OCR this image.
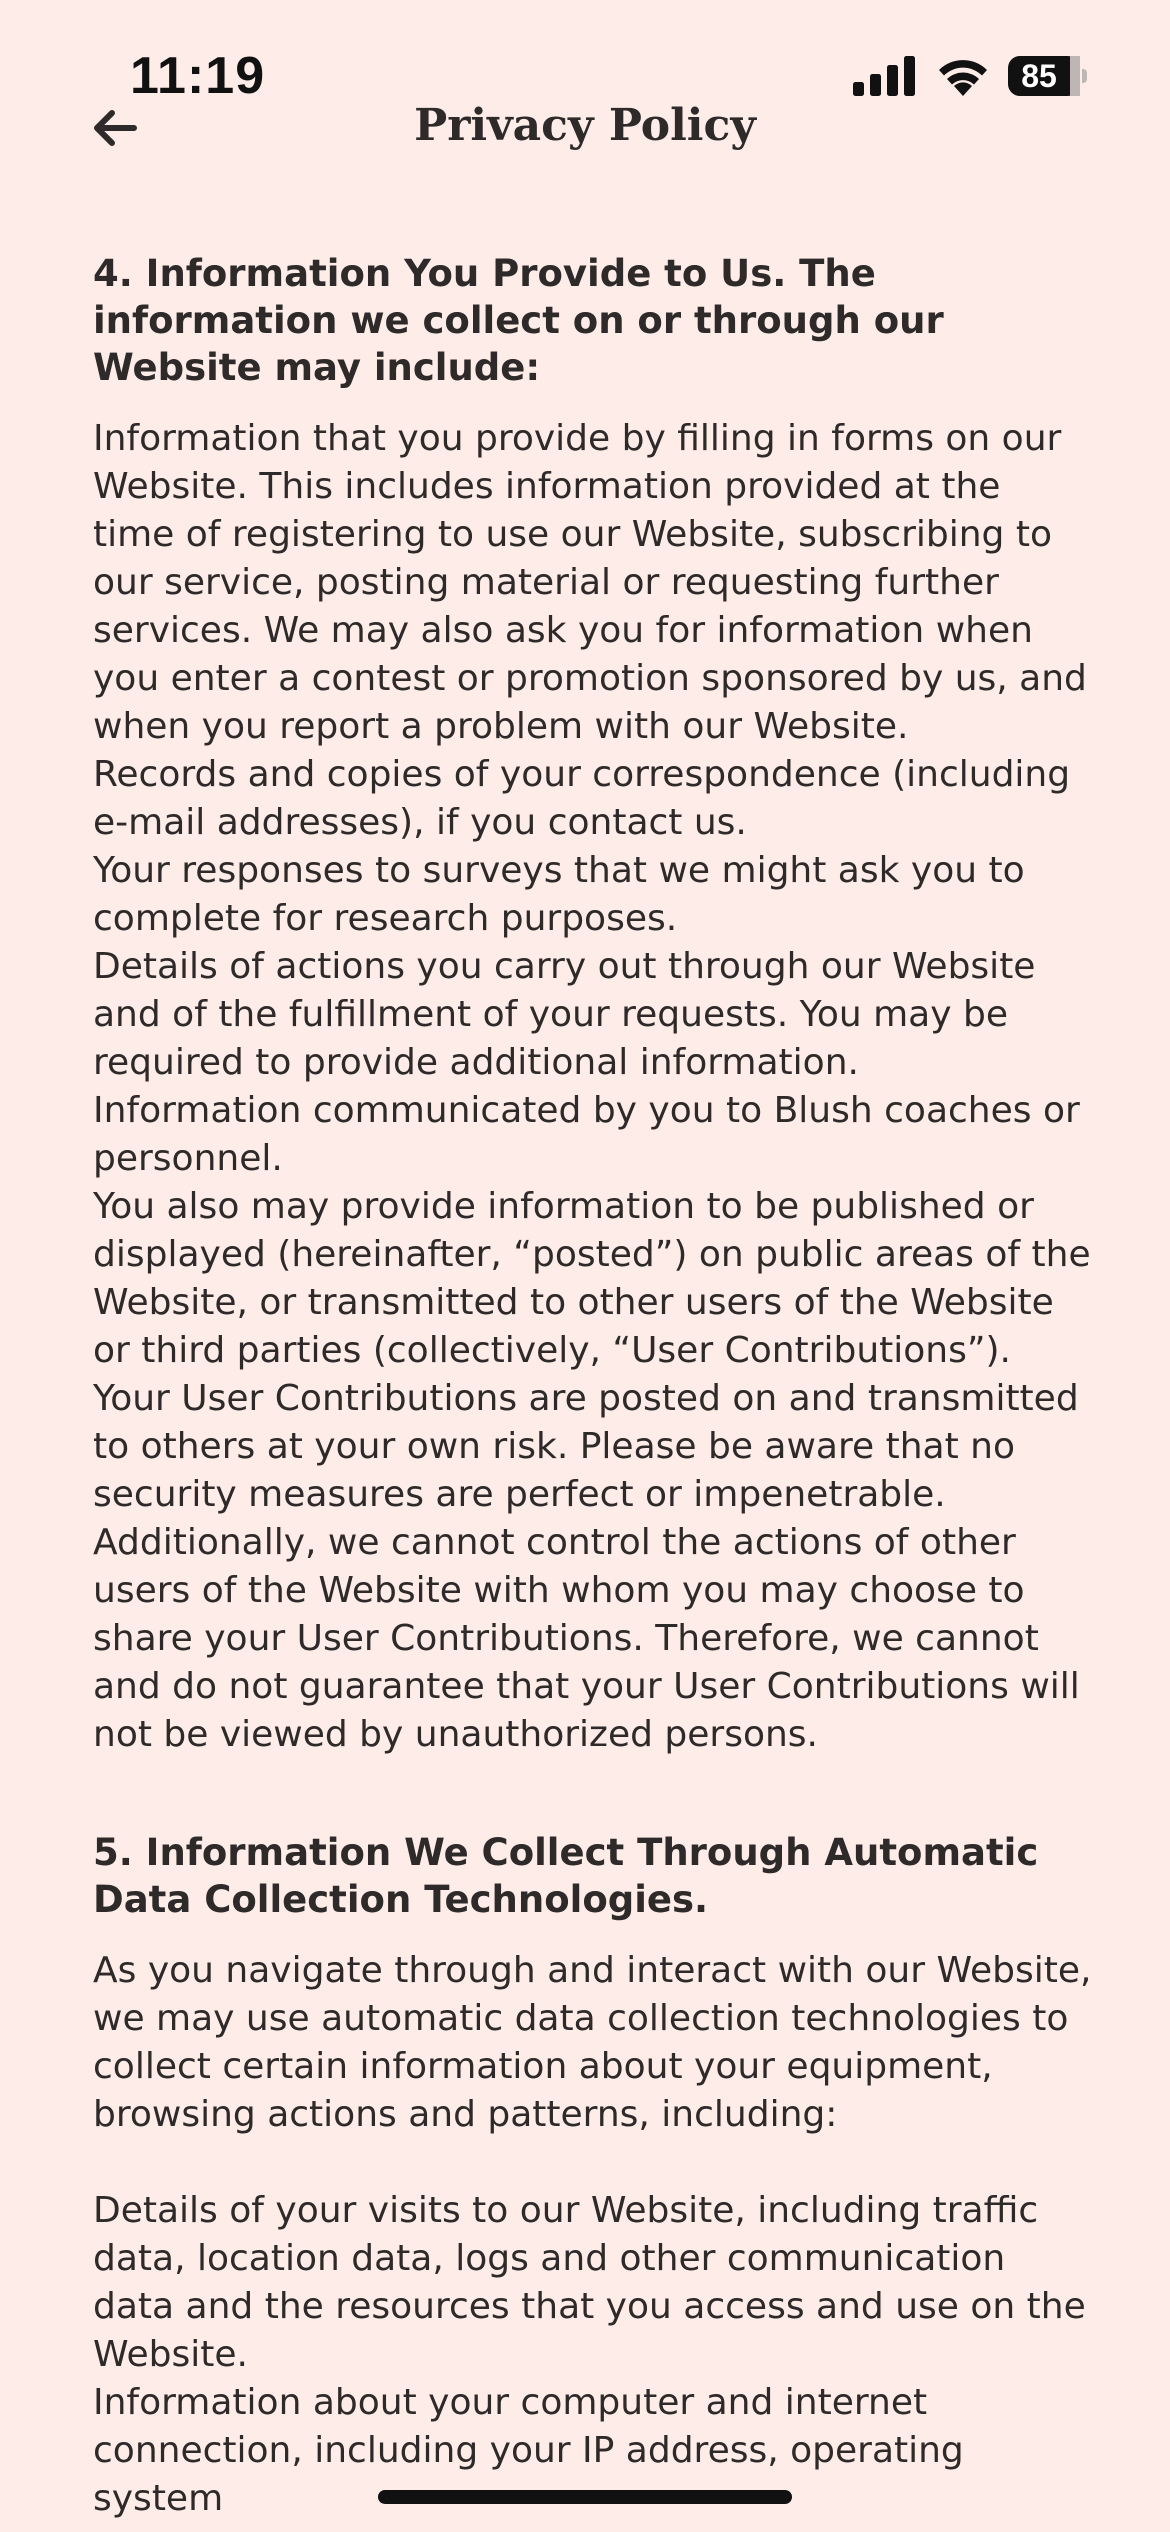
11:19	85
Privacy Policy
4. Information You Provide to Us. The information we collect on or through our Website may include:

Information that you provide by filling in forms on our Website. This includes information provided at the time of registering to use our Website, subscribing to our service, posting material or requesting further services. We may also ask you for information when you enter a contest or promotion sponsored by us, and when you report a problem with our Website.

Records and copies of your correspondence (including e-mail addresses), if you contact us.

Your responses to surveys that we might ask you to complete for research purposes.

Details of actions you carry out through our Website and of the fulfillment of your requests. You may be required to provide additional information.

Information communicated by you to Blush coaches or personnel.

You also may provide information to be published or displayed (hereinafter, “posted”) on public areas of the Website, or transmitted to other users of the Website or third parties (collectively, “User Contributions”). Your User Contributions are posted on and transmitted to others at your own risk. Please be aware that no security measures are perfect or impenetrable. Additionally, we cannot control the actions of other users of the Website with whom you may choose to share your User Contributions. Therefore, we cannot and do not guarantee that your User Contributions will not be viewed by unauthorized persons.

5. Information We Collect Through Automatic Data Collection Technologies.

As you navigate through and interact with our Website, we may use automatic data collection technologies to collect certain information about your equipment, browsing actions and patterns, including:

Details of your visits to our Website, including traffic data, location data, logs and other communication data and the resources that you access and use on the Website.

Information about your computer and internet connection, including your IP address, operating system
